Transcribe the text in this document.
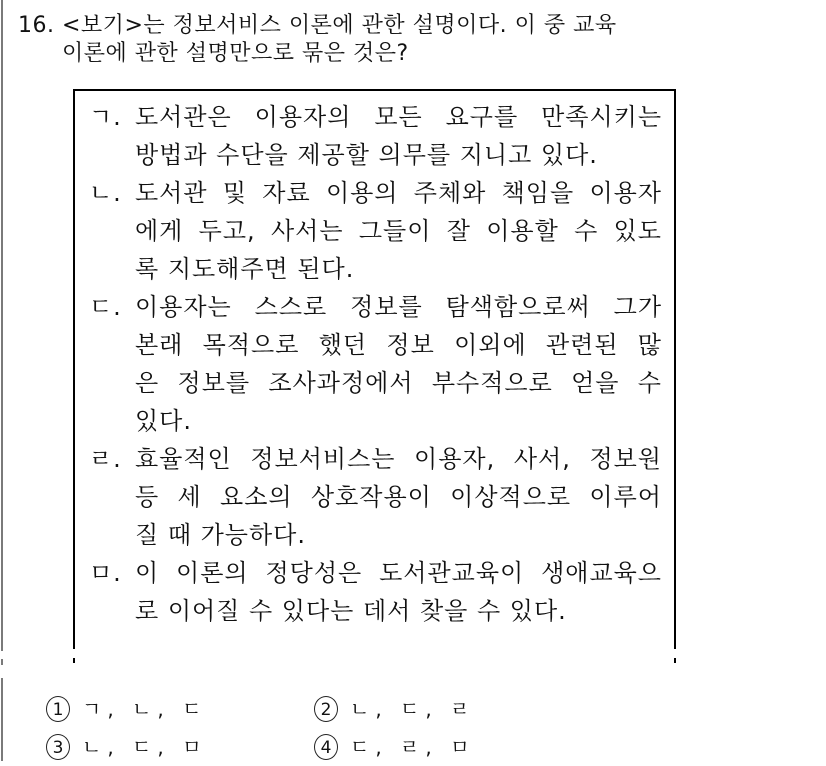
16. <보기>는 정보서비스 이론에 관한 설명이다. 이 중 교육
이론에 관한 설명만으로 묶은 것은?
ㄱ. 도서관은 이용자의 모든 요구를 만족시키는
방법과 수단을 제공할 의무를 지니고 있다.
ㄴ. 도서관 및 자료 이용의 주체와 책임을 이용자
에게 두고, 사서는 그들이 잘 이용할 수 있도
록 지도해주면 된다.
ㄷ. 이용자는 스스로 정보를 탐색함으로써 그가
본래 목적으로 했던 정보 이외에 관련된 많
은 정보를 조사과정에서 부수적으로 얻을 수
있다.
ㄹ. 효율적인 정보서비스는 이용자, 사서, 정보원
등 세 요소의 상호작용이 이상적으로 이루어
질 때 가능하다.
ㅁ. 이 이론의 정당성은 도서관교육이 생애교육으
로 이어질 수 있다는 데서 찾을 수 있다.
1 ㄱ, ㄴ, ㄷ	2 ㄴ, ㄷ, ㄹ
3 ㄴ, ㄷ, ㅁ	4 ㄷ, ㄹ, ㅁ
